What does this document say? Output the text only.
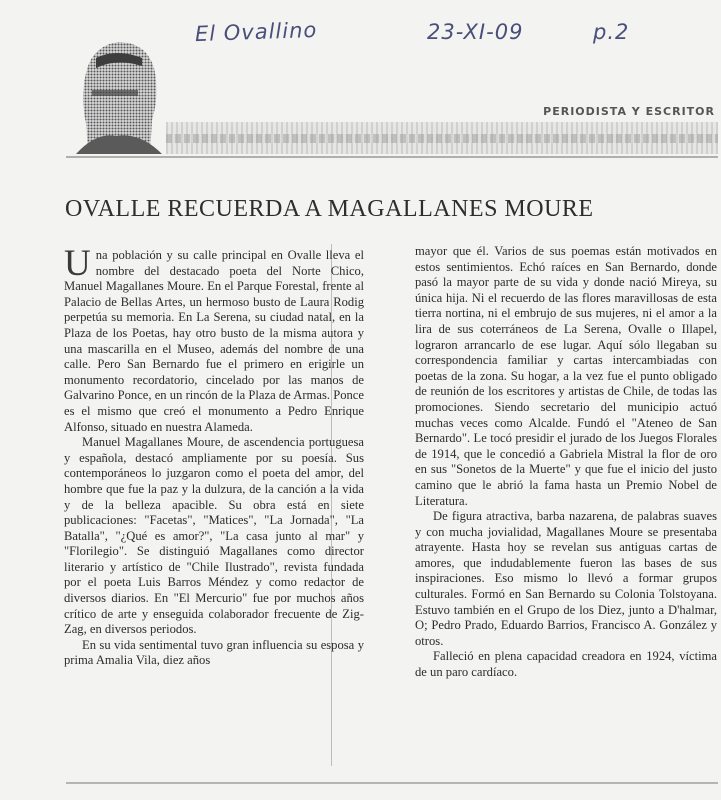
El Ovallino	23-XI-09	p.2
PERIODISTA Y ESCRITOR
OVALLE RECUERDA A MAGALLANES MOURE

Una población y su calle principal en Ovalle lleva el nombre del destacado poeta del Norte Chico, Manuel Magallanes Moure. En el Parque Forestal, frente al Palacio de Bellas Artes, un hermoso busto de Laura Rodig perpetúa su memoria. En La Serena, su ciudad natal, en la Plaza de los Poetas, hay otro busto de la misma autora y una mascarilla en el Museo, además del nombre de una calle. Pero San Bernardo fue el primero en erigirle un monumento recordatorio, cincelado por las manos de Galvarino Ponce, en un rincón de la Plaza de Armas. Ponce es el mismo que creó el monumento a Pedro Enrique Alfonso, situado en nuestra Alameda.

Manuel Magallanes Moure, de ascendencia portuguesa y española, destacó ampliamente por su poesía. Sus contemporáneos lo juzgaron como el poeta del amor, del hombre que fue la paz y la dulzura, de la canción a la vida y de la belleza apacible. Su obra está en siete publicaciones: "Facetas", "Matices", "La Jornada", "La Batalla", "¿Qué es amor?", "La casa junto al mar" y "Florilegio". Se distinguió Magallanes como director literario y artístico de "Chile Ilustrado", revista fundada por el poeta Luis Barros Méndez y como redactor de diversos diarios. En "El Mercurio" fue por muchos años crítico de arte y enseguida colaborador frecuente de Zig-Zag, en diversos periodos.

En su vida sentimental tuvo gran influencia su esposa y prima Amalia Vila, diez años

mayor que él. Varios de sus poemas están motivados en estos sentimientos. Echó raíces en San Bernardo, donde pasó la mayor parte de su vida y donde nació Mireya, su única hija. Ni el recuerdo de las flores maravillosas de esta tierra nortina, ni el embrujo de sus mujeres, ni el amor a la lira de sus coterráneos de La Serena, Ovalle o Illapel, lograron arrancarlo de ese lugar. Aquí sólo llegaban su correspondencia familiar y cartas intercambiadas con poetas de la zona. Su hogar, a la vez fue el punto obligado de reunión de los escritores y artistas de Chile, de todas las promociones. Siendo secretario del municipio actuó muchas veces como Alcalde. Fundó el "Ateneo de San Bernardo". Le tocó presidir el jurado de los Juegos Florales de 1914, que le concedió a Gabriela Mistral la flor de oro en sus "Sonetos de la Muerte" y que fue el inicio del justo camino que le abrió la fama hasta un Premio Nobel de Literatura.

De figura atractiva, barba nazarena, de palabras suaves y con mucha jovialidad, Magallanes Moure se presentaba atrayente. Hasta hoy se revelan sus antiguas cartas de amores, que indudablemente fueron las bases de sus inspiraciones. Eso mismo lo llevó a formar grupos culturales. Formó en San Bernardo su Colonia Tolstoyana. Estuvo también en el Grupo de los Diez, junto a D'halmar, O; Pedro Prado, Eduardo Barrios, Francisco A. González y otros.

Falleció en plena capacidad creadora en 1924, víctima de un paro cardíaco.
